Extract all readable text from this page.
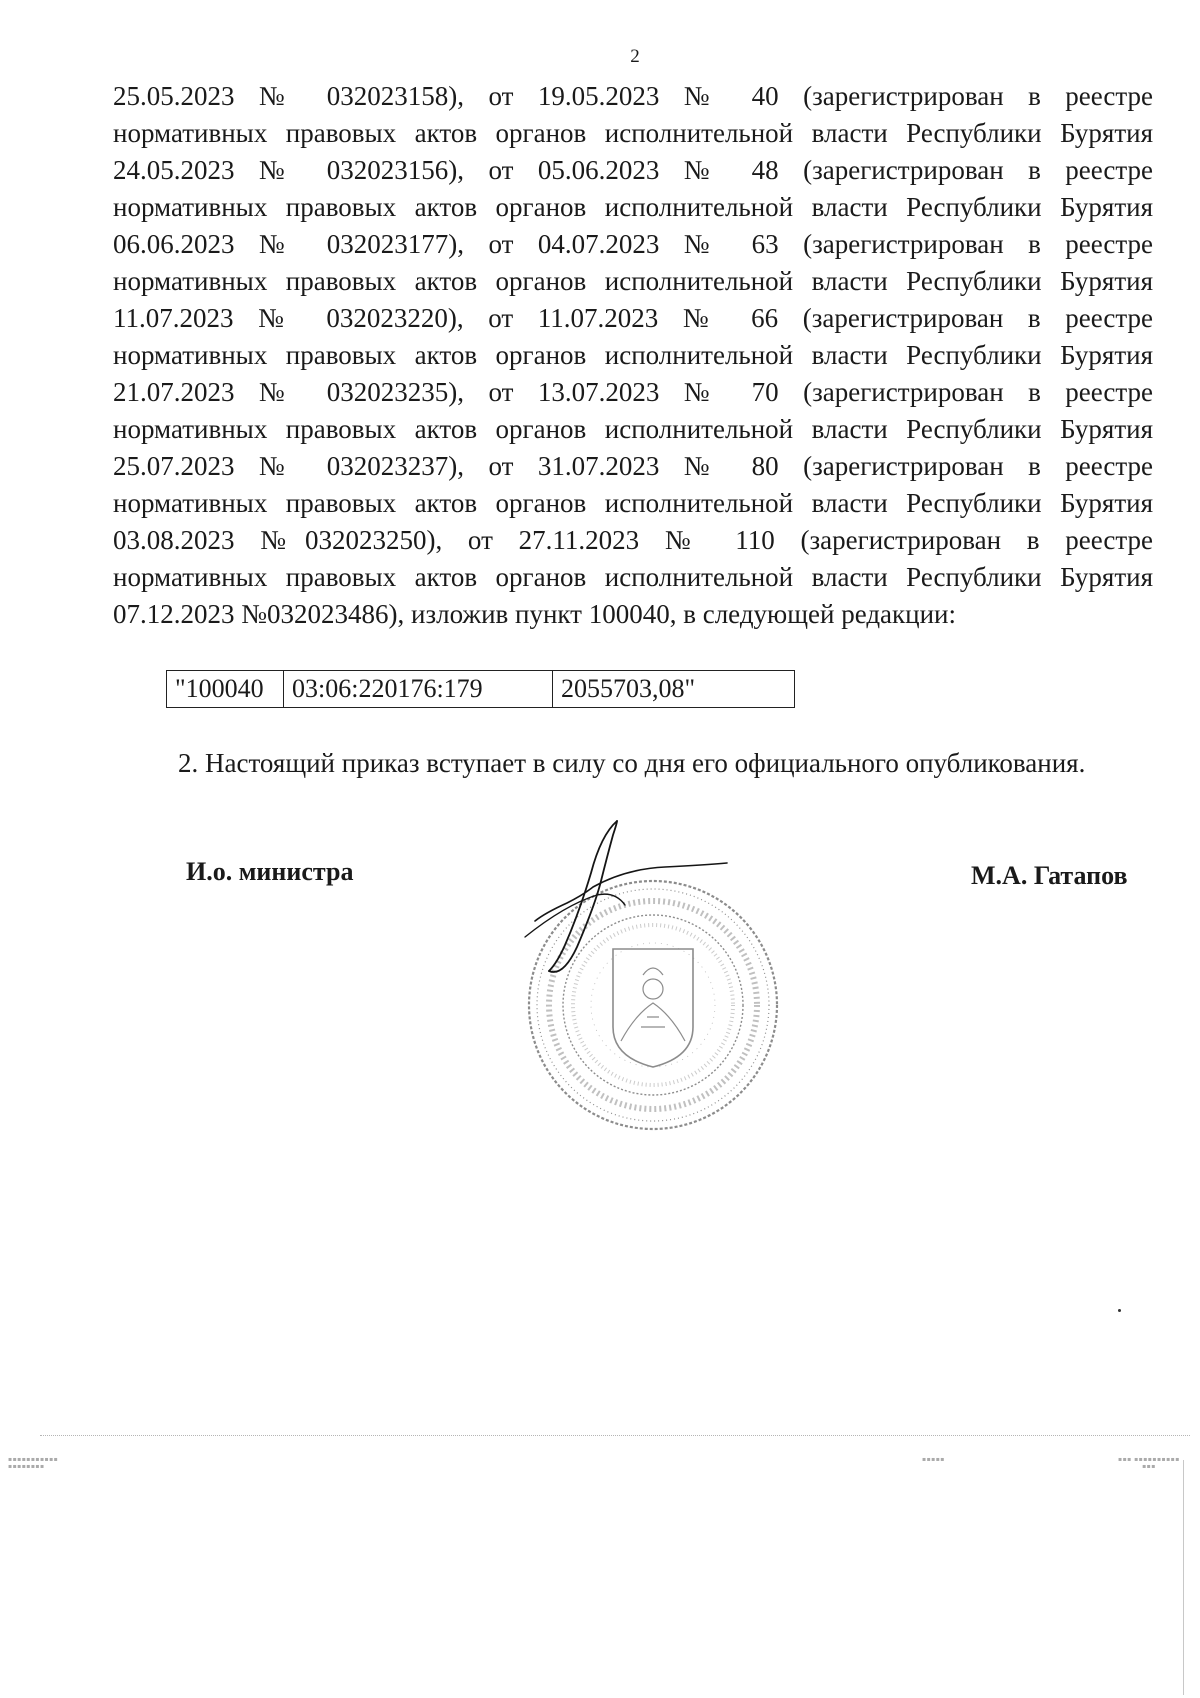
2
25.05.2023 № 032023158), от 19.05.2023 № 40 (зарегистрирован в реестре
нормативных правовых актов органов исполнительной власти Республики Бурятия
24.05.2023 № 032023156), от 05.06.2023 № 48 (зарегистрирован в реестре
нормативных правовых актов органов исполнительной власти Республики Бурятия
06.06.2023 № 032023177), от 04.07.2023 № 63 (зарегистрирован в реестре
нормативных правовых актов органов исполнительной власти Республики Бурятия
11.07.2023 № 032023220), от 11.07.2023 № 66 (зарегистрирован в реестре
нормативных правовых актов органов исполнительной власти Республики Бурятия
21.07.2023 № 032023235), от 13.07.2023 № 70 (зарегистрирован в реестре
нормативных правовых актов органов исполнительной власти Республики Бурятия
25.07.2023 № 032023237), от 31.07.2023 № 80 (зарегистрирован в реестре
нормативных правовых актов органов исполнительной власти Республики Бурятия
03.08.2023 №032023250), от 27.11.2023 № 110 (зарегистрирован в реестре
нормативных правовых актов органов исполнительной власти Республики Бурятия
07.12.2023 №032023486), изложив пункт 100040, в следующей редакции:
"100040	03:06:220176:179	2055703,08"
2. Настоящий приказ вступает в силу со дня его официального опубликования.
И.о. министра	М.А. Гатапов
▪▪▪▪▪▪▪▪▪▪▪
▪▪▪▪▪▪▪▪
▪▪▪▪▪	▪▪▪ ▪▪▪▪▪▪▪▪▪▪
▪▪▪
